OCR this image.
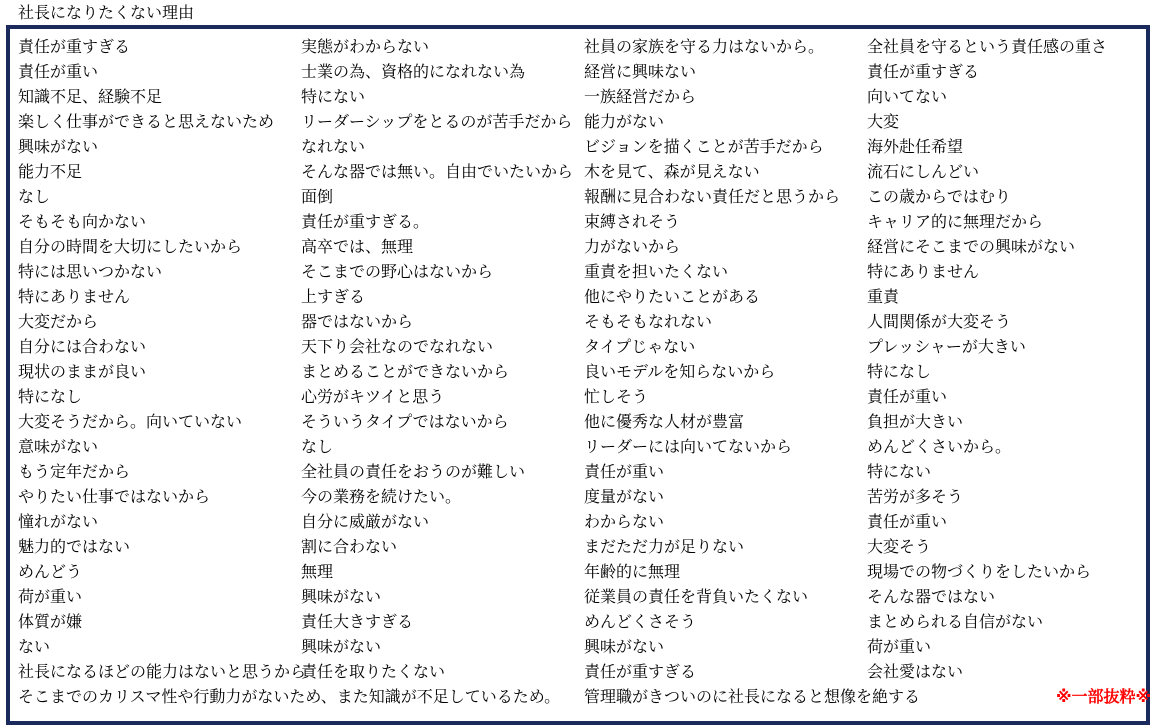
社長になりたくない理由
責任が重すぎる
責任が重い
知識不足、経験不足
楽しく仕事ができると思えないため
興味がない
能力不足
なし
そもそも向かない
自分の時間を大切にしたいから
特には思いつかない
特にありません
大変だから
自分には合わない
現状のままが良い
特になし
大変そうだから。向いていない
意味がない
もう定年だから
やりたい仕事ではないから
憧れがない
魅力的ではない
めんどう
荷が重い
体質が嫌
ない
社長になるほどの能力はないと思うから
実態がわからない
士業の為、資格的になれない為
特にない
リーダーシップをとるのが苦手だから
なれない
そんな器では無い。自由でいたいから
面倒
責任が重すぎる。
高卒では、無理
そこまでの野心はないから
上すぎる
器ではないから
天下り会社なのでなれない
まとめることができないから
心労がキツイと思う
そういうタイプではないから
なし
全社員の責任をおうのが難しい
今の業務を続けたい。
自分に威厳がない
割に合わない
無理
興味がない
責任大きすぎる
興味がない
責任を取りたくない
社員の家族を守る力はないから。
経営に興味ない
一族経営だから
能力がない
ビジョンを描くことが苦手だから
木を見て、森が見えない
報酬に見合わない責任だと思うから
束縛されそう
力がないから
重責を担いたくない
他にやりたいことがある
そもそもなれない
タイプじゃない
良いモデルを知らないから
忙しそう
他に優秀な人材が豊富
リーダーには向いてないから
責任が重い
度量がない
わからない
まだただ力が足りない
年齢的に無理
従業員の責任を背負いたくない
めんどくさそう
興味がない
責任が重すぎる
全社員を守るという責任感の重さ
責任が重すぎる
向いてない
大変
海外赴任希望
流石にしんどい
この歳からではむり
キャリア的に無理だから
経営にそこまでの興味がない
特にありません
重責
人間関係が大変そう
プレッシャーが大きい
特になし
責任が重い
負担が大きい
めんどくさいから。
特にない
苦労が多そう
責任が重い
大変そう
現場での物づくりをしたいから
そんな器ではない
まとめられる自信がない
荷が重い
会社愛はない
そこまでのカリスマ性や行動力がないため、また知識が不足しているため。	管理職がきついのに社長になると想像を絶する	※一部抜粋※
